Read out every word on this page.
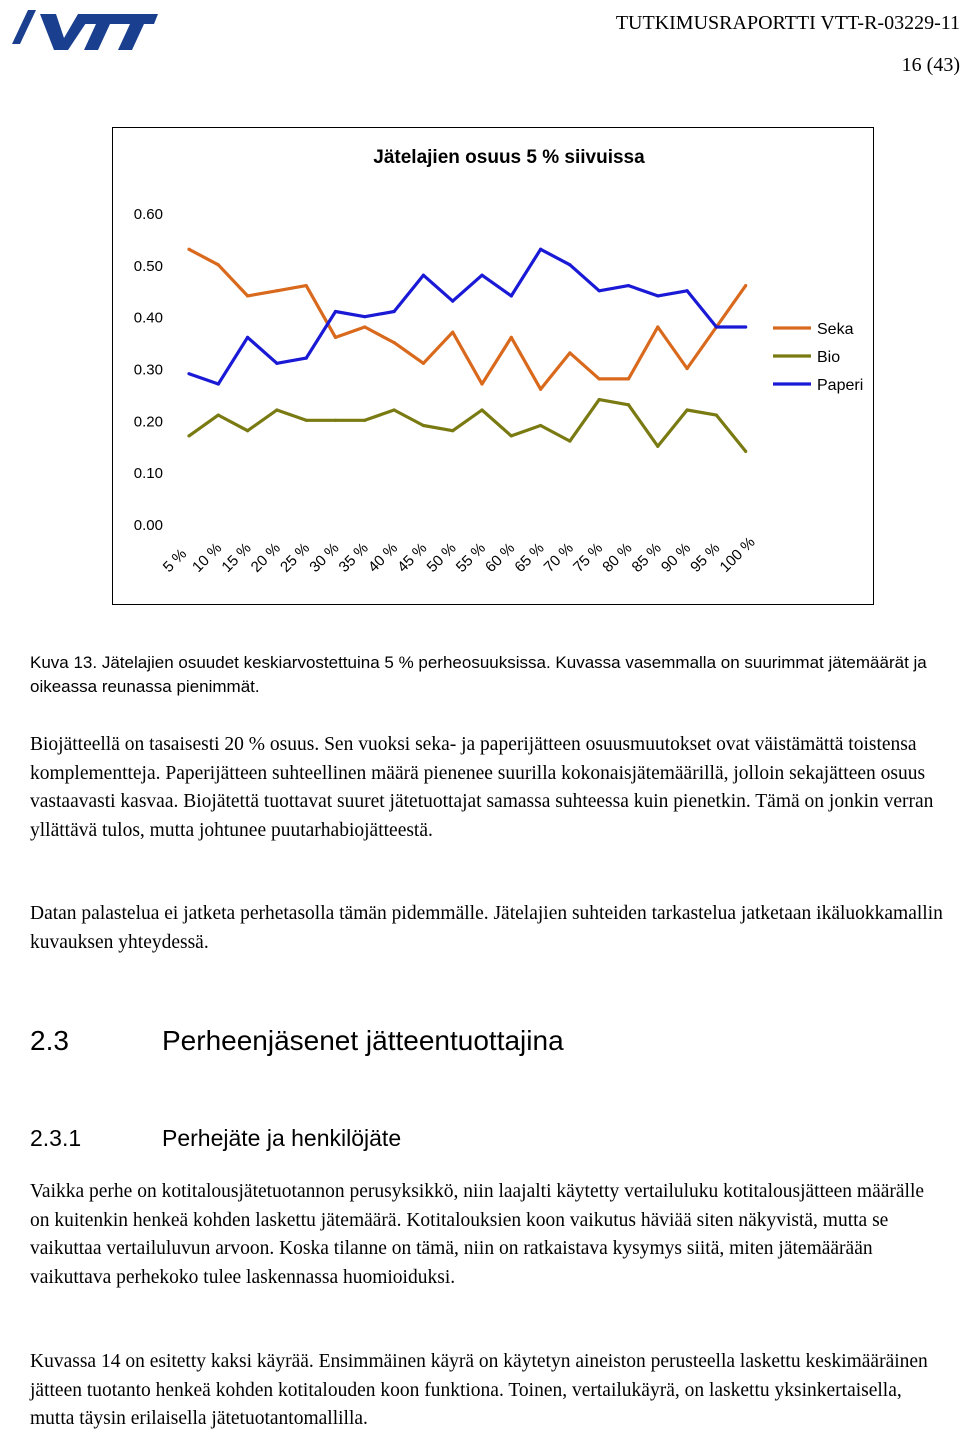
VTT
TUTKIMUSRAPORTTI VTT-R-03229-11
16 (43)
Jätelajien osuus 5 % siivuissa
0.00
0.10
0.20
0.30
0.40
0.50
0.60
5 %
10 %
15 %
20 %
25 %
30 %
35 %
40 %
45 %
50 %
55 %
60 %
65 %
70 %
75 %
80 %
85 %
90 %
95 %
100 %
Seka
Bio
Paperi
Kuva 13. Jätelajien osuudet keskiarvostettuina 5 % perheosuuksissa. Kuvassa vasemmalla on suurimmat jätemäärät ja oikeassa reunassa pienimmät.
Biojätteellä on tasaisesti 20 % osuus. Sen vuoksi seka- ja paperijätteen osuusmuutokset ovat väistämättä toistensa komplementteja. Paperijätteen suhteellinen määrä pienenee suurilla kokonaisjätemäärillä, jolloin sekajätteen osuus vastaavasti kasvaa. Biojätettä tuottavat suuret jätetuottajat samassa suhteessa kuin pienetkin. Tämä on jonkin verran yllättävä tulos, mutta johtunee puutarhabiojätteestä.
Datan palastelua ei jatketa perhetasolla tämän pidemmälle. Jätelajien suhteiden tarkastelua jatketaan ikäluokkamallin kuvauksen yhteydessä.
2.3	Perheenjäsenet jätteentuottajina
2.3.1	Perhejäte ja henkilöjäte
Vaikka perhe on kotitalousjätetuotannon perusyksikkö, niin laajalti käytetty vertailuluku kotitalousjätteen määrälle on kuitenkin henkeä kohden laskettu jätemäärä. Kotitalouksien koon vaikutus häviää siten näkyvistä, mutta se vaikuttaa vertailuluvun arvoon. Koska tilanne on tämä, niin on ratkaistava kysymys siitä, miten jätemäärään vaikuttava perhekoko tulee laskennassa huomioiduksi.
Kuvassa 14 on esitetty kaksi käyrää. Ensimmäinen käyrä on käytetyn aineiston perusteella laskettu keskimääräinen jätteen tuotanto henkeä kohden kotitalouden koon funktiona. Toinen, vertailukäyrä, on laskettu yksinkertaisella, mutta täysin erilaisella jätetuotantomallilla.
